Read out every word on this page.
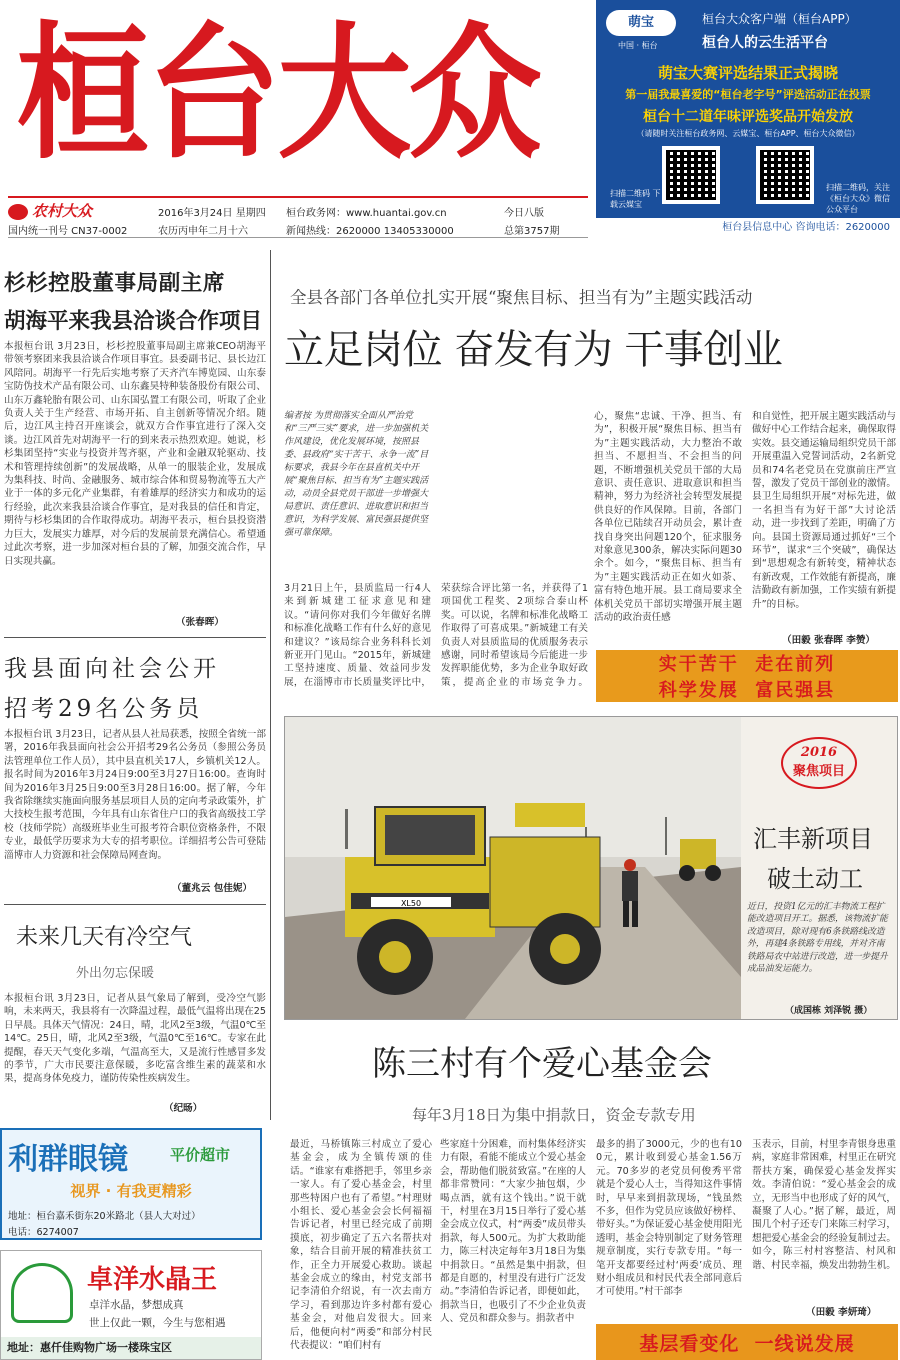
桓台大众
农村大众
国内统一刊号 CN37-0002
2016年3月24日 星期四
农历丙申年二月十六
桓台政务网：www.huantai.gov.cn
新闻热线：2620000 13405330000
今日八版
总第3757期
萌宝
中国 · 桓台
桓台大众客户端（桓台APP）
桓台人的云生活平台
萌宝大赛评选结果正式揭晓
第一届我最喜爱的“桓台老字号”评选活动正在投票
桓台十二道年味评选奖品开始发放
（请随时关注桓台政务网、云媒宝、桓台APP、桓台大众微信）
扫描二维码 下载云媒宝
扫描二维码，关注《桓台大众》微信公众平台
桓台县信息中心 咨询电话：2620000
杉杉控股董事局副主席
胡海平来我县洽谈合作项目
本报桓台讯 3月23日，杉杉控股董事局副主席兼CEO胡海平带领考察团来我县洽谈合作项目事宜。县委副书记、县长边江风陪同。胡海平一行先后实地考察了天齐汽车博览园、山东泰宝防伪技术产品有限公司、山东鑫昊特种装备股份有限公司、山东万鑫轮胎有限公司、山东国弘置工有限公司，听取了企业负责人关于生产经营、市场开拓、自主创新等情况介绍。随后，边江风主持召开座谈会，就双方合作事宜进行了深入交谈。边江风首先对胡海平一行的到来表示热烈欢迎。她说，杉杉集团坚持“实业与投资并驾齐驱，产业和金融双轮驱动、技术和管理持续创新”的发展战略，从单一的服装企业，发展成为集科技、时尚、金融服务、城市综合体和贸易物流等五大产业于一体的多元化产业集群，有着雄厚的经济实力和成功的运行经验，此次来我县洽谈合作事宜，是对我县的信任和肯定，期待与杉杉集团的合作取得成功。胡海平表示，桓台县投资潜力巨大，发展实力雄厚，对今后的发展前景充满信心。希望通过此次考察，进一步加深对桓台县的了解，加强交流合作，早日实现共赢。
（张春晖）
我县面向社会公开
招考29名公务员
本报桓台讯 3月23日，记者从县人社局获悉，按照全省统一部署，2016年我县面向社会公开招考29名公务员（参照公务员法管理单位工作人员），其中县直机关17人，乡镇机关12人。报名时间为2016年3月24日9:00至3月27日16:00。查询时间为2016年3月25日9:00至3月28日16:00。据了解，今年我省除继续实施面向服务基层项目人员的定向考录政策外，扩大技校生报考范围，今年具有山东省住户口的我省高级技工学校（技师学院）高级班毕业生可报考符合职位资格条件，不限专业，最低学历要求为大专的招考职位。详细招考公告可登陆淄博市人力资源和社会保障局网查询。
（董兆云 包佳妮）
未来几天有冷空气
外出勿忘保暖
本报桓台讯 3月23日，记者从县气象局了解到，受冷空气影响，未来两天，我县将有一次降温过程，最低气温将出现在25日早晨。具体天气情况：24日，晴，北风2至3级，气温0℃至14℃。25日，晴，北风2至3级，气温0℃至16℃。专家在此提醒，春天天气变化多端，气温高至大，又是流行性感冒多发的季节，广大市民要注意保暖，多吃富含维生素的蔬菜和水果，提高身体免疫力，谨防传染性疾病发生。
（纪旸）
利群眼镜	平价超市
视界 · 有我更精彩
地址：桓台嘉禾街东20米路北（县人大对过）
电话：6274007
卓洋水晶王
卓洋水晶，梦想成真
世上仅此一颗，今生与您相遇
地址：惠仟佳购物广场一楼珠宝区
全县各部门各单位扎实开展“聚焦目标、担当有为”主题实践活动
立足岗位 奋发有为 干事创业
编者按 为贯彻落实全面从严治党和“三严三实”要求，进一步加强机关作风建设，优化发展环境，按照县委、县政府“实干苦干、永争一流”目标要求，我县今年在县直机关中开展“聚焦目标、担当有为”主题实践活动，动员全县党员干部进一步增强大局意识、责任意识、进取意识和担当意识，为科学发展、富民强县提供坚强可靠保障。
3月21日上午，县质监局一行4人来到新城建工征求意见和建议。“请问你对我们今年做好名牌和标准化战略工作有什么好的意见和建议？”该局综合业务科科长刘新亚开门见山。“2015年，新城建工坚持速度、质量、效益同步发展，在淄博市市长质量奖评比中，荣获综合评比第一名，并获得了1项国优工程奖、2项综合泰山杯奖。可以说，名牌和标准化战略工作取得了可喜成果。”新城建工有关负责人对县质监局的优质服务表示感谢，同时希望该局今后能进一步发挥职能优势，多为企业争取好政策，提高企业的市场竞争力。
心，聚焦“忠诚、干净、担当、有为”，积极开展“聚焦目标、担当有为”主题实践活动，大力整治不敢担当、不愿担当、不会担当的问题，不断增强机关党员干部的大局意识、责任意识、进取意识和担当精神，努力为经济社会转型发展提供良好的作风保障。目前，各部门各单位已陆续召开动员会，累计查找自身突出问题120个，征求服务对象意见300条，解决实际问题30余个。如今，“聚焦目标、担当有为”主题实践活动正在如火如荼、富有特色地开展。县工商局要求全体机关党员干部切实增强开展主题活动的政治责任感
和自觉性，把开展主题实践活动与做好中心工作结合起来，确保取得实效。县交通运输局组织党员干部开展重温入党誓词活动，2名新党员和74名老党员在党旗前庄严宣誓，激发了党员干部创业的激情。县卫生局组织开展“对标先进，做一名担当有为好干部”大讨论活动，进一步找到了差距，明确了方向。县国土资源局通过抓好“三个环节”，谋求“三个突破”，确保达到“思想观念有新转变，精神状态有新改观，工作效能有新提高，廉洁勤政有新加强，工作实绩有新提升”的目标。
（田毅 张春晖 李赞）
实干苦干  走在前列
科学发展  富民强县
XL50
2016
聚焦项目
汇丰新项目
破土动工
近日，投资1亿元的汇丰物流工程扩能改造项目开工。据悉，该物流扩能改造项目，除对现有6条铁路线改造外，再建4条铁路专用线，并对齐南铁路局农中站进行改造，进一步提升成品油发运能力。
（成国栋 刘泽锐 摄）
陈三村有个爱心基金会
每年3月18日为集中捐款日，资金专款专用
最近，马桥镇陈三村成立了爱心基金会，成为全镇传颂的佳话。“谁家有难搭把手，邻里乡亲一家人。有了爱心基金会，村里那些特困户也有了希望。”村理财小组长、爱心基金会会长何福福告诉记者，村里已经完成了前期摸底，初步确定了五六名帮扶对象，结合目前开展的精准扶贫工作，正全力开展爱心救助。谈起基金会成立的缘由，村党支部书记李清伯介绍说，有一次去南方学习，看到那边许多村都有爱心基金会，对他启发很大。回来后，他便向村“两委”和部分村民代表提议：“咱们村有
些家庭十分困难，而村集体经济实力有限，看能不能成立个爱心基金会，帮助他们脱贫致富。”在座的人都非常赞同：“大家少抽包烟，少喝点酒，就有这个钱出。”说干就干，村里在3月15日举行了爱心基金会成立仪式，村“两委”成员带头捐款，每人500元。为扩大救助能力，陈三村决定每年3月18日为集中捐款日。“虽然是集中捐款，但都是自愿的，村里没有进行广泛发动。”李清伯告诉记者，即便如此，捐款当日，也吸引了不少企业负责人、党员和群众参与。捐款者中
最多的捐了3000元，少的也有100元，累计收到爱心基金1.56万元。70多岁的老党员何俊秀平常就是个爱心人士，当得知这件事情时，早早来到捐款现场，“钱虽然不多，但作为党员应该做好榜样、带好头。”为保证爱心基金使用阳光透明，基金会特别制定了财务管理规章制度，实行专款专用。“每一笔开支都要经过村‘两委’成员、理财小组成员和村民代表全部同意后才可使用。”村干部李
玉表示，目前，村里李青银身患重病，家庭非常困难，村里正在研究帮扶方案，确保爱心基金发挥实效。李清伯说：“爱心基金会的成立，无形当中也形成了好的风气，凝聚了人心。”据了解，最近，周围几个村子还专门来陈三村学习，想把爱心基金会的经验复制过去。如今，陈三村村容整洁、村风和谐、村民幸福，焕发出勃勃生机。
（田毅 李妍琦）
基层看变化  一线说发展
